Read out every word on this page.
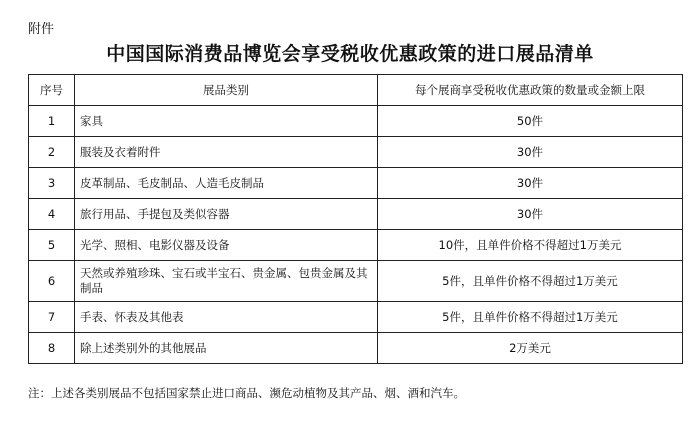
附件
中国国际消费品博览会享受税收优惠政策的进口展品清单
序号	展品类别	每个展商享受税收优惠政策的数量或金额上限
1	家具	50件
2	服装及衣着附件	30件
3	皮革制品、毛皮制品、人造毛皮制品	30件
4	旅行用品、手提包及类似容器	30件
5	光学、照相、电影仪器及设备	10件，且单件价格不得超过1万美元
6	天然或养殖珍珠、宝石或半宝石、贵金属、包贵金属及其制品	5件，且单件价格不得超过1万美元
7	手表、怀表及其他表	5件，且单件价格不得超过1万美元
8	除上述类别外的其他展品	2万美元
注：上述各类别展品不包括国家禁止进口商品、濒危动植物及其产品、烟、酒和汽车。
